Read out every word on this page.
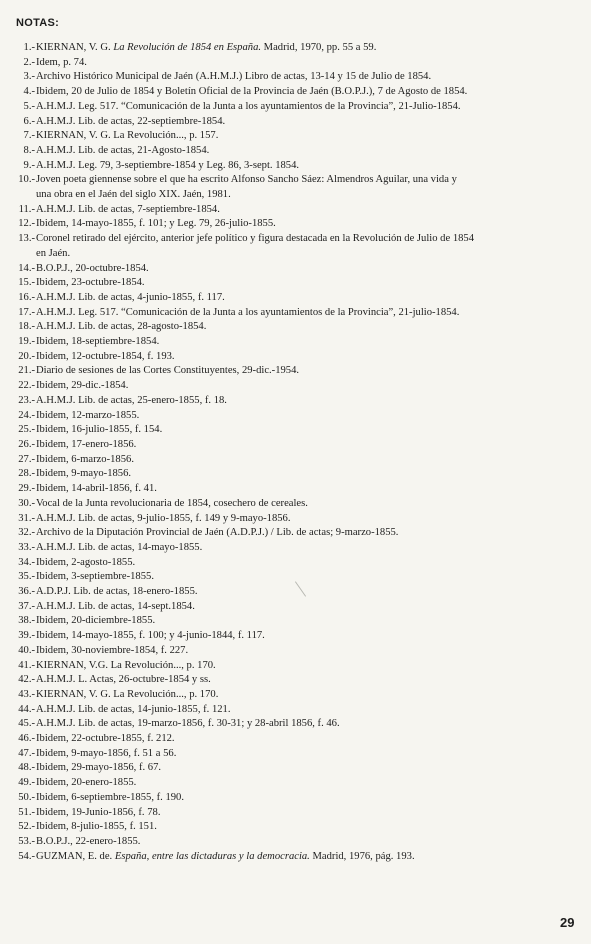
NOTAS:
1.- KIERNAN, V. G. La Revolución de 1854 en España. Madrid, 1970, pp. 55 a 59.
2.- Idem, p. 74.
3.- Archivo Histórico Municipal de Jaén (A.H.M.J.) Libro de actas, 13-14 y 15 de Julio de 1854.
4.- Ibidem, 20 de Julio de 1854 y Boletín Oficial de la Provincia de Jaén (B.O.P.J.), 7 de Agosto de 1854.
5.- A.H.M.J. Leg. 517. “Comunicación de la Junta a los ayuntamientos de la Provincia”, 21-Julio-1854.
6.- A.H.M.J. Lib. de actas, 22-septiembre-1854.
7.- KIERNAN, V. G. La Revolución..., p. 157.
8.- A.H.M.J. Lib. de actas, 21-Agosto-1854.
9.- A.H.M.J. Leg. 79, 3-septiembre-1854 y Leg. 86, 3-sept. 1854.
10.- Joven poeta giennense sobre el que ha escrito Alfonso Sancho Sáez: Almendros Aguilar, una vida y
una obra en el Jaén del siglo XIX. Jaén, 1981.
11.- A.H.M.J. Lib. de actas, 7-septiembre-1854.
12.- Ibidem, 14-mayo-1855, f. 101; y Leg. 79, 26-julio-1855.
13.- Coronel retirado del ejército, anterior jefe político y figura destacada en la Revolución de Julio de 1854
en Jaén.
14.- B.O.P.J., 20-octubre-1854.
15.- Ibidem, 23-octubre-1854.
16.- A.H.M.J. Lib. de actas, 4-junio-1855, f. 117.
17.- A.H.M.J. Leg. 517. “Comunicación de la Junta a los ayuntamientos de la Provincia”, 21-julio-1854.
18.- A.H.M.J. Lib. de actas, 28-agosto-1854.
19.- Ibidem, 18-septiembre-1854.
20.- Ibidem, 12-octubre-1854, f. 193.
21.- Diario de sesiones de las Cortes Constituyentes, 29-dic.-1954.
22.- Ibidem, 29-dic.-1854.
23.- A.H.M.J. Lib. de actas, 25-enero-1855, f. 18.
24.- Ibidem, 12-marzo-1855.
25.- Ibidem, 16-julio-1855, f. 154.
26.- Ibidem, 17-enero-1856.
27.- Ibidem, 6-marzo-1856.
28.- Ibidem, 9-mayo-1856.
29.- Ibidem, 14-abril-1856, f. 41.
30.- Vocal de la Junta revolucionaria de 1854, cosechero de cereales.
31.- A.H.M.J. Lib. de actas, 9-julio-1855, f. 149 y 9-mayo-1856.
32.- Archivo de la Diputación Provincial de Jaén (A.D.P.J.) / Lib. de actas; 9-marzo-1855.
33.- A.H.M.J. Lib. de actas, 14-mayo-1855.
34.- Ibidem, 2-agosto-1855.
35.- Ibidem, 3-septiembre-1855.
36.- A.D.P.J. Lib. de actas, 18-enero-1855.
37.- A.H.M.J. Lib. de actas, 14-sept.1854.
38.- Ibidem, 20-diciembre-1855.
39.- Ibidem, 14-mayo-1855, f. 100; y 4-junio-1844, f. 117.
40.- Ibidem, 30-noviembre-1854, f. 227.
41.- KIERNAN, V.G. La Revolución..., p. 170.
42.- A.H.M.J. L. Actas, 26-octubre-1854 y ss.
43.- KIERNAN, V. G. La Revolución..., p. 170.
44.- A.H.M.J. Lib. de actas, 14-junio-1855, f. 121.
45.- A.H.M.J. Lib. de actas, 19-marzo-1856, f. 30-31; y 28-abril 1856, f. 46.
46.- Ibidem, 22-octubre-1855, f. 212.
47.- Ibidem, 9-mayo-1856, f. 51 a 56.
48.- Ibidem, 29-mayo-1856, f. 67.
49.- Ibidem, 20-enero-1855.
50.- Ibidem, 6-septiembre-1855, f. 190.
51.- Ibidem, 19-Junio-1856, f. 78.
52.- Ibidem, 8-julio-1855, f. 151.
53.- B.O.P.J., 22-enero-1855.
54.- GUZMAN, E. de. España, entre las dictaduras y la democracia. Madrid, 1976, pág. 193.
29
